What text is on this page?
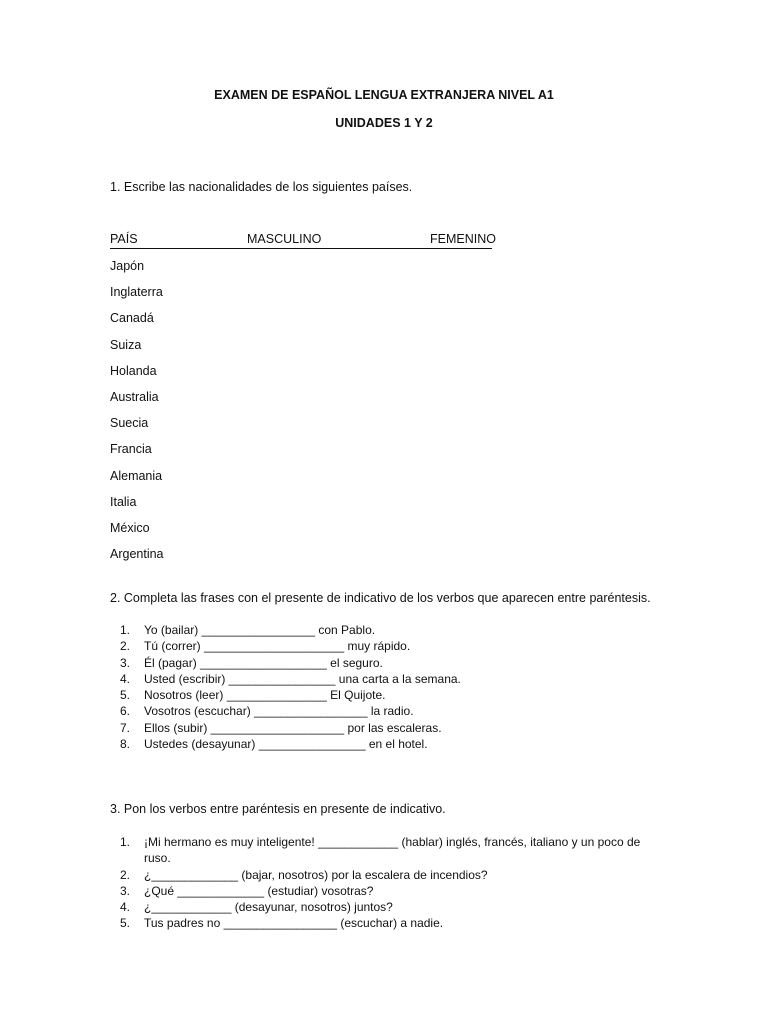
EXAMEN DE ESPAÑOL LENGUA EXTRANJERA NIVEL A1
UNIDADES 1 Y 2
1. Escribe las nacionalidades de los siguientes países.
PAÍS	MASCULINO	FEMENINO
Japón
Inglaterra
Canadá
Suiza
Holanda
Australia
Suecia
Francia
Alemania
Italia
México
Argentina
2. Completa las frases con el presente de indicativo de los verbos que aparecen entre paréntesis.
1. Yo (bailar) _________________ con Pablo.
2. Tú (correr) _____________________ muy rápido.
3. Él (pagar) ___________________ el seguro.
4. Usted (escribir) ________________ una carta a la semana.
5. Nosotros (leer) _______________ El Quijote.
6. Vosotros (escuchar) _________________ la radio.
7. Ellos (subir) ____________________ por las escaleras.
8. Ustedes (desayunar) ________________ en el hotel.
3. Pon los verbos entre paréntesis en presente de indicativo.
1. ¡Mi hermano es muy inteligente! ____________ (hablar) inglés, francés, italiano y un poco de ruso.
2. ¿_____________ (bajar, nosotros) por la escalera de incendios?
3. ¿Qué _____________ (estudiar) vosotras?
4. ¿____________ (desayunar, nosotros) juntos?
5. Tus padres no _________________ (escuchar) a nadie.
